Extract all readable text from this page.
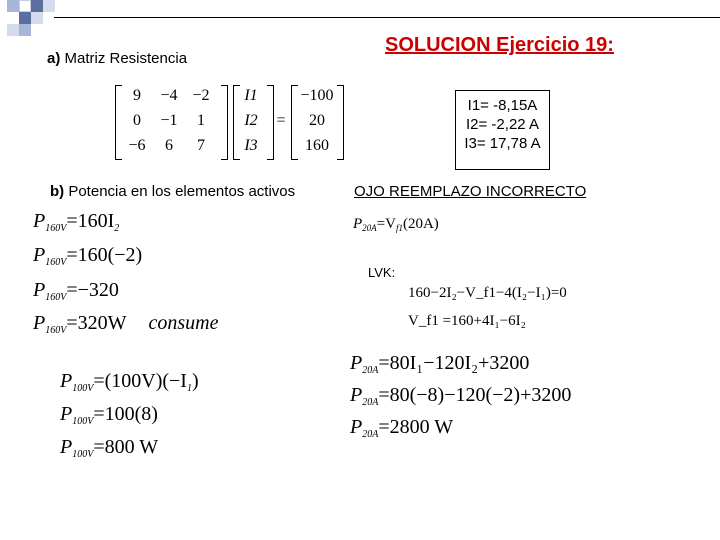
SOLUCION Ejercicio 19:
a) Matriz Resistencia
9	−4 −2
0	−1	1
−6	6	7
I1
I2
I3
=
−100
20
160
I1= -8,15A
I2= -2,22 A
I3= 17,78 A
b) Potencia en los elementos activos	OJO REEMPLAZO INCORRECTO
$P_{160V}=160I_2$
$P_{160V}=160(-2)$
$P_{160V}=-320$
$P_{160V}=320W$ consume
$P_{100V}=(100V)(-I_1)$
$P_{100V}=100(8)$
$P_{100V}=800$ W
$P_{20A}=V_{f1}(20A)$
LVK:
160−2I₂−V_f1−4(I₂−I₁)=0
V_f1 =160+4I₁−6I₂
$P_{20A}=80I_1-120I_2+3200$
$P_{20A}=80(-8)-120(-2)+3200$
$P_{20A}=2800$ W
